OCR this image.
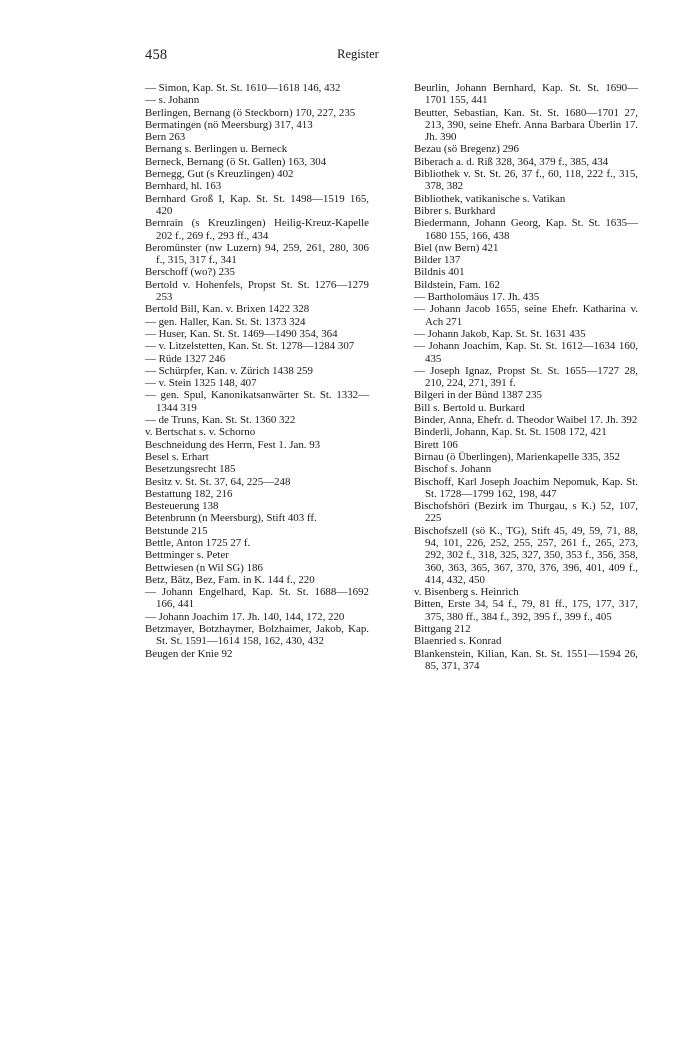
458	Register

— Simon, Kap. St. St. 1610—1618 146, 432

— s. Johann

Berlingen, Bernang (ö Steckborn) 170, 227, 235

Bermatingen (nö Meersburg) 317, 413

Bern 263

Bernang s. Berlingen u. Berneck

Berneck, Bernang (ö St. Gallen) 163, 304

Bernegg, Gut (s Kreuzlingen) 402

Bernhard, hl. 163

Bernhard Groß I, Kap. St. St. 1498—1519 165, 420

Bernrain (s Kreuzlingen) Heilig-Kreuz-Kapelle 202 f., 269 f., 293 ff., 434

Beromünster (nw Luzern) 94, 259, 261, 280, 306 f., 315, 317 f., 341

Berschoff (wo?) 235

Bertold v. Hohenfels, Propst St. St. 1276—1279 253

Bertold Bill, Kan. v. Brixen 1422 328

— gen. Haller, Kan. St. St. 1373 324

— Huser, Kan. St. St. 1469—1490 354, 364

— v. Litzelstetten, Kan. St. St. 1278—1284 307

— Rüde 1327 246

— Schürpfer, Kan. v. Zürich 1438 259

— v. Stein 1325 148, 407

— gen. Spul, Kanonikatsanwärter St. St. 1332—1344 319

— de Truns, Kan. St. St. 1360 322

v. Bertschat s. v. Schorno

Beschneidung des Herrn, Fest 1. Jan. 93

Besel s. Erhart

Besetzungsrecht 185

Besitz v. St. St. 37, 64, 225—248

Bestattung 182, 216

Besteuerung 138

Betenbrunn (n Meersburg), Stift 403 ff.

Betstunde 215

Bettle, Anton 1725 27 f.

Bettminger s. Peter

Bettwiesen (n Wil SG) 186

Betz, Bätz, Bez, Fam. in K. 144 f., 220

— Johann Engelhard, Kap. St. St. 1688—1692 166, 441

— Johann Joachim 17. Jh. 140, 144, 172, 220

Betzmayer, Botzhaymer, Bolzhaimer, Jakob, Kap. St. St. 1591—1614 158, 162, 430, 432

Beugen der Knie 92

Beurlin, Johann Bernhard, Kap. St. St. 1690—1701 155, 441

Beutter, Sebastian, Kan. St. St. 1680—1701 27, 213, 390, seine Ehefr. Anna Barbara Überlin 17. Jh. 390

Bezau (sö Bregenz) 296

Biberach a. d. Riß 328, 364, 379 f., 385, 434

Bibliothek v. St. St. 26, 37 f., 60, 118, 222 f., 315, 378, 382

Bibliothek, vatikanische s. Vatikan

Bibrer s. Burkhard

Biedermann, Johann Georg, Kap. St. St. 1635—1680 155, 166, 438

Biel (nw Bern) 421

Bilder 137

Bildnis 401

Bildstein, Fam. 162

— Bartholomäus 17. Jh. 435

— Johann Jacob 1655, seine Ehefr. Katharina v. Ach 271

— Johann Jakob, Kap. St. St. 1631 435

— Johann Joachim, Kap. St. St. 1612—1634 160, 435

— Joseph Ignaz, Propst St. St. 1655—1727 28, 210, 224, 271, 391 f.

Bilgeri in der Bünd 1387 235

Bill s. Bertold u. Burkard

Binder, Anna, Ehefr. d. Theodor Waibel 17. Jh. 392

Binderli, Johann, Kap. St. St. 1508 172, 421

Birett 106

Birnau (ö Überlingen), Marienkapelle 335, 352

Bischof s. Johann

Bischoff, Karl Joseph Joachim Nepomuk, Kap. St. St. 1728—1799 162, 198, 447

Bischofshöri (Bezirk im Thurgau, s K.) 52, 107, 225

Bischofszell (sö K., TG), Stift 45, 49, 59, 71, 88, 94, 101, 226, 252, 255, 257, 261 f., 265, 273, 292, 302 f., 318, 325, 327, 350, 353 f., 356, 358, 360, 363, 365, 367, 370, 376, 396, 401, 409 f., 414, 432, 450

v. Bisenberg s. Heinrich

Bitten, Erste 34, 54 f., 79, 81 ff., 175, 177, 317, 375, 380 ff., 384 f., 392, 395 f., 399 f., 405

Bittgang 212

Blaenried s. Konrad

Blankenstein, Kilian, Kan. St. St. 1551—1594 26, 85, 371, 374
